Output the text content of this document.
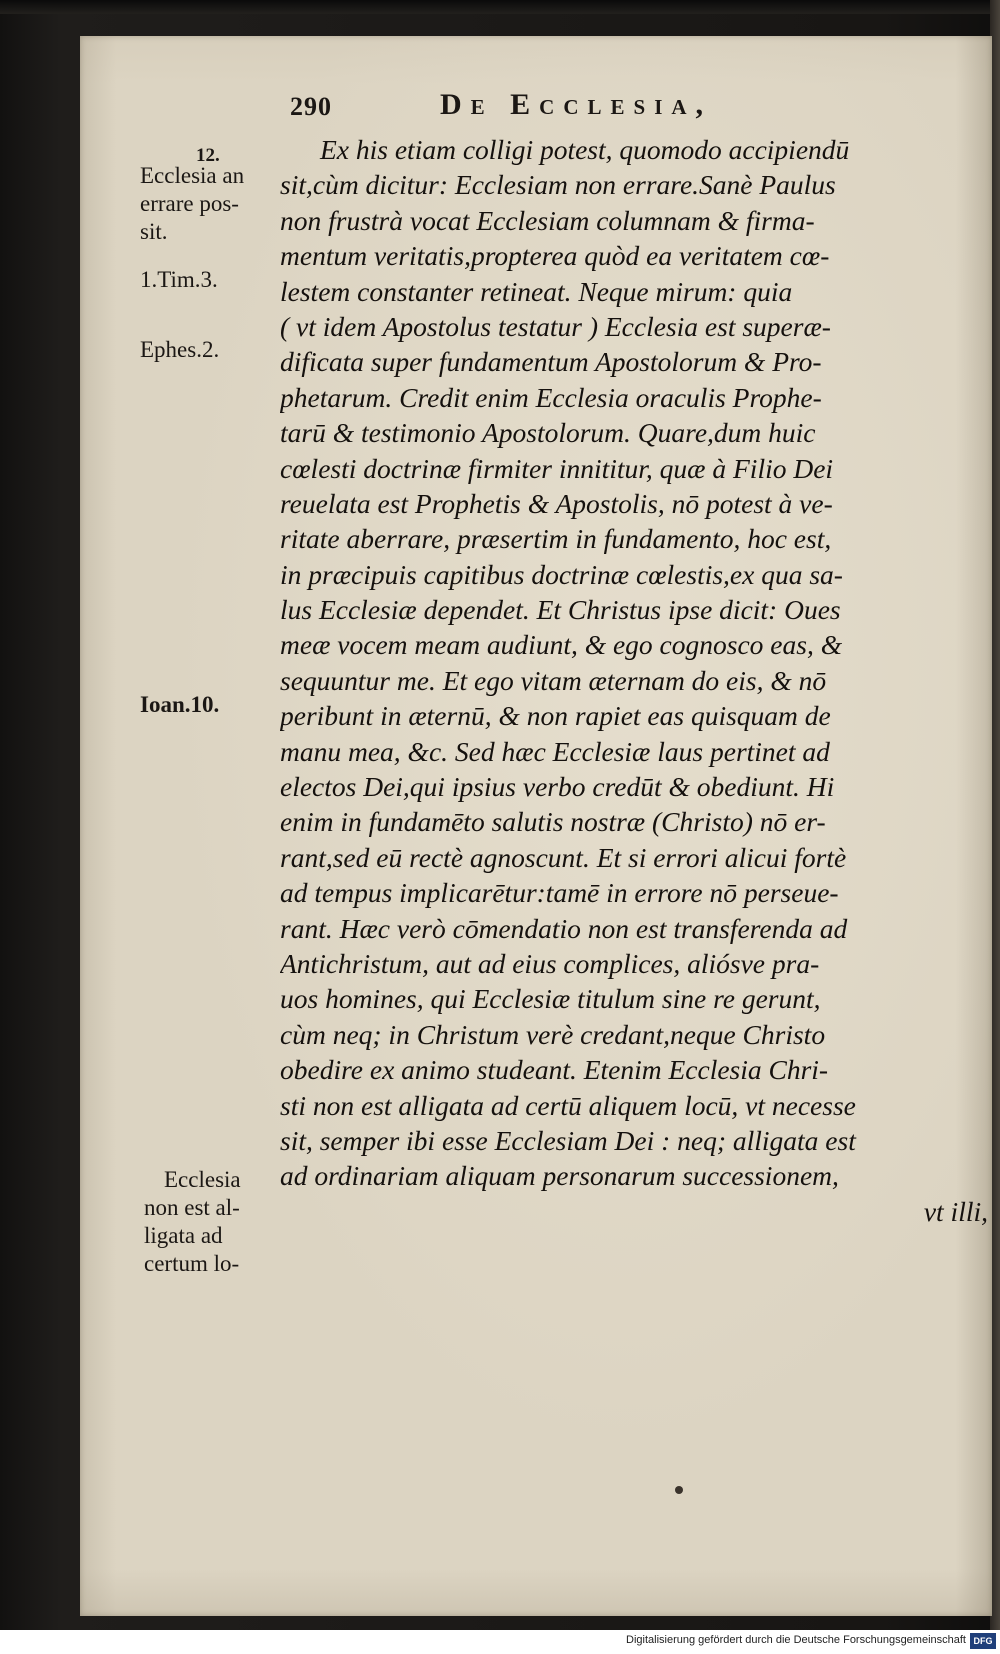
290	De Ecclesia,
12.
Ecclesia an
errare pos-
sit.
1.Tim.3.
Ephes.2.
Ioan.10.
Ecclesia
non est al-
ligata ad
certum lo-
Ex his etiam colligi potest, quomodo accipiendū
sit,cùm dicitur: Ecclesiam non errare.Sanè Paulus
non frustrà vocat Ecclesiam columnam & firma-
mentum veritatis,propterea quòd ea veritatem cœ-
lestem constanter retineat. Neque mirum: quia
( vt idem Apostolus testatur ) Ecclesia est superæ-
dificata super fundamentum Apostolorum & Pro-
phetarum. Credit enim Ecclesia oraculis Prophe-
tarū & testimonio Apostolorum. Quare,dum huic
cœlesti doctrinæ firmiter innititur, quæ à Filio Dei
reuelata est Prophetis & Apostolis, nō potest à ve-
ritate aberrare, præsertim in fundamento, hoc est,
in præcipuis capitibus doctrinæ cœlestis,ex qua sa-
lus Ecclesiæ dependet. Et Christus ipse dicit: Oues
meæ vocem meam audiunt, & ego cognosco eas, &
sequuntur me. Et ego vitam æternam do eis, & nō
peribunt in æternū, & non rapiet eas quisquam de
manu mea, &c. Sed hæc Ecclesiæ laus pertinet ad
electos Dei,qui ipsius verbo credūt & obediunt. Hi
enim in fundamēto salutis nostræ (Christo) nō er-
rant,sed eū rectè agnoscunt. Et si errori alicui fortè
ad tempus implicarētur:tamē in errore nō perseue-
rant. Hæc verò cōmendatio non est transferenda ad
Antichristum, aut ad eius complices, aliósve pra-
uos homines, qui Ecclesiæ titulum sine re gerunt,
cùm neq; in Christum verè credant,neque Christo
obedire ex animo studeant. Etenim Ecclesia Chri-
sti non est alligata ad certū aliquem locū, vt necesse
sit, semper ibi esse Ecclesiam Dei : neq; alligata est
ad ordinariam aliquam personarum successionem,
vt illi,
Digitalisierung gefördert durch die Deutsche Forschungsgemeinschaft DFG
